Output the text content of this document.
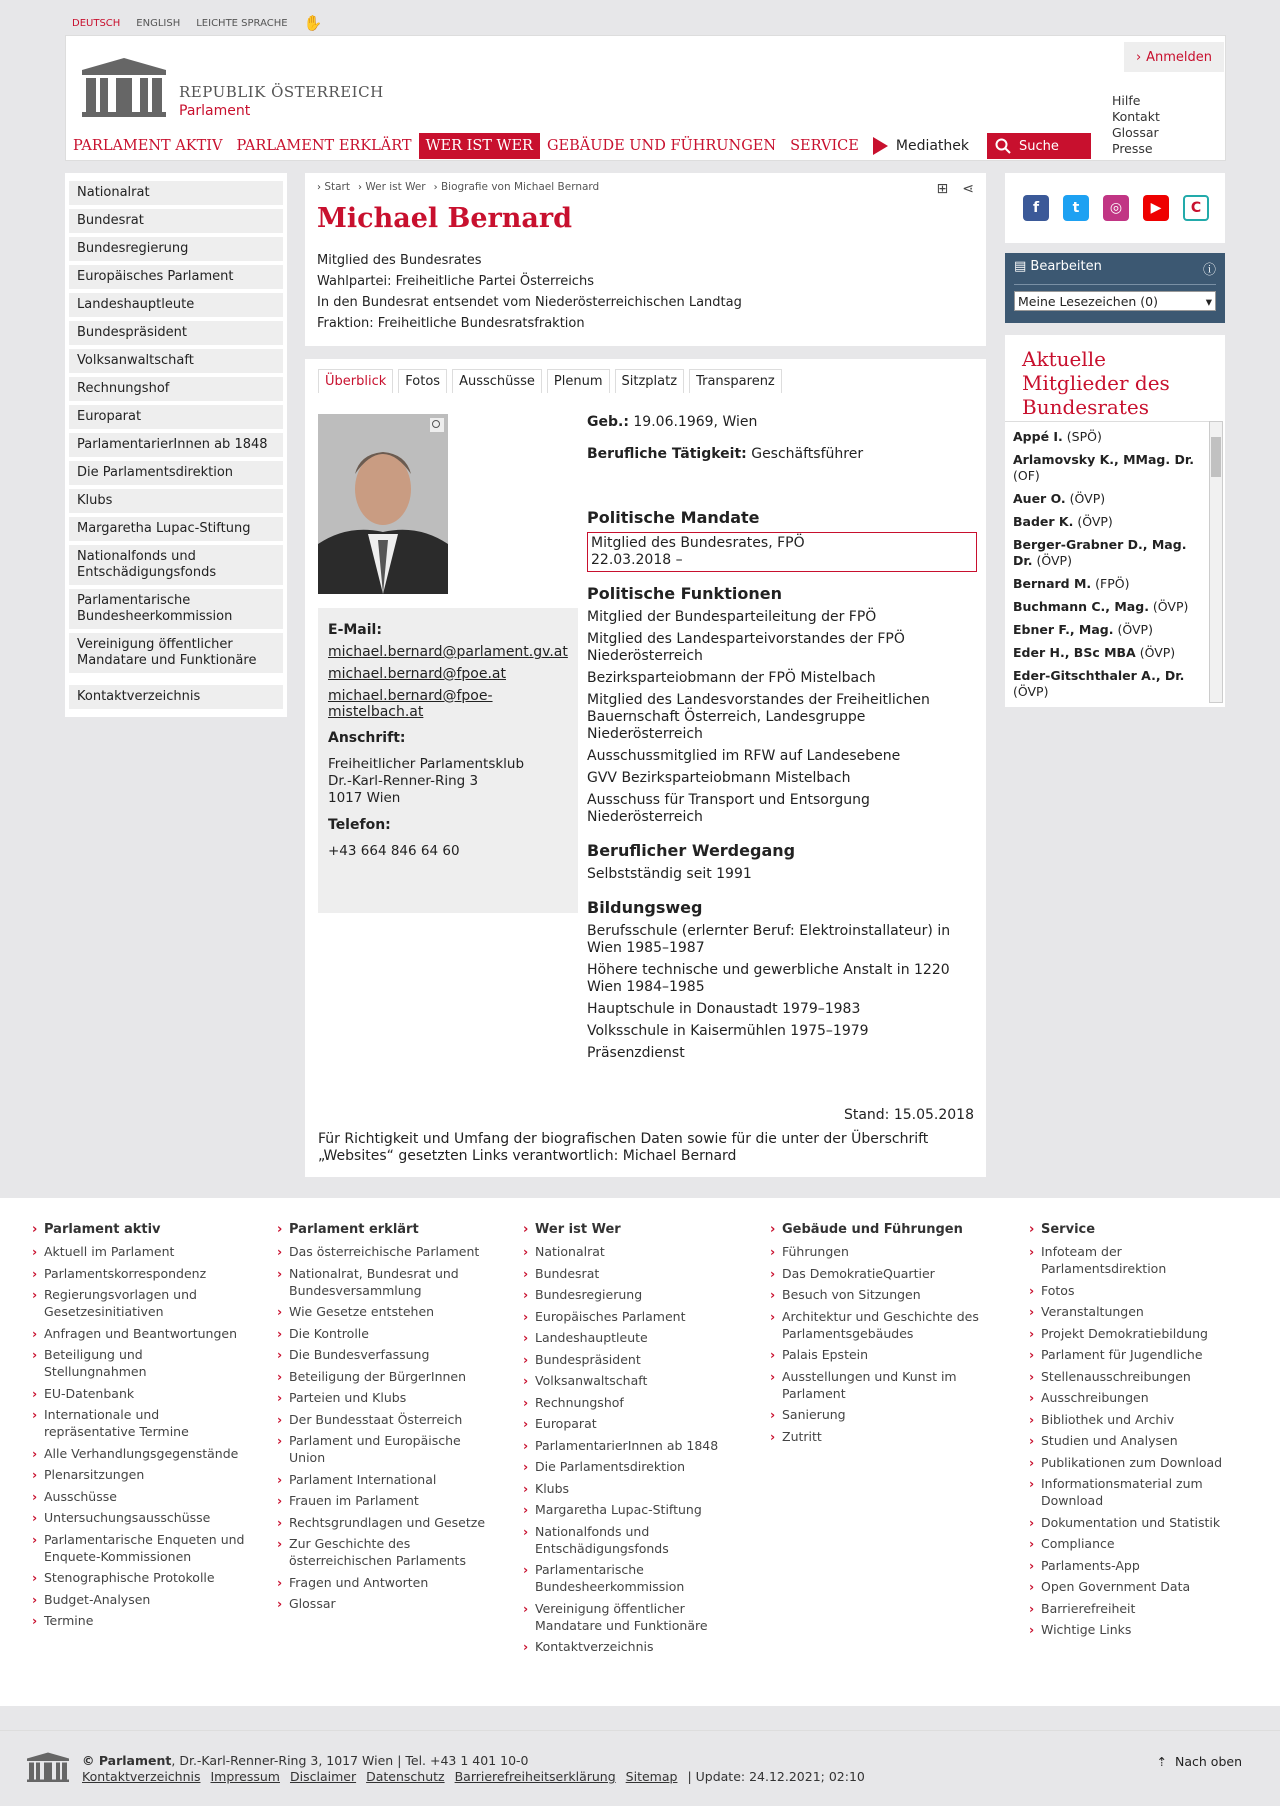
DEUTSCH ENGLISH LEICHTE SPRACHE ✋
REPUBLIK ÖSTERREICH
Parlament
› Anmelden
Hilfe
Kontakt
Glossar
Presse
PARLAMENT AKTIV PARLAMENT ERKLÄRT WER IST WER GEBÄUDE UND FÜHRUNGEN SERVICE	Mediathek	Suche
Nationalrat
Bundesrat
Bundesregierung
Europäisches Parlament
Landeshauptleute
Bundespräsident
Volksanwaltschaft
Rechnungshof
Europarat
ParlamentarierInnen ab 1848
Die Parlamentsdirektion
Klubs
Margaretha Lupac-Stiftung
Nationalfonds und Entschädigungsfonds
Parlamentarische Bundesheerkommission
Vereinigung öffentlicher Mandatare und Funktionäre
Kontaktverzeichnis
› Start › Wer ist Wer › Biografie von Michael Bernard	⊞ ⋖
Michael Bernard
Mitglied des Bundesrates
Wahlpartei: Freiheitliche Partei Österreichs
In den Bundesrat entsendet vom Niederösterreichischen Landtag
Fraktion: Freiheitliche Bundesratsfraktion
Überblick	Fotos	Ausschüsse	Plenum	Sitzplatz	Transparenz
E-Mail:
michael.bernard@parlament.gv.at
michael.bernard@fpoe.at
michael.bernard@fpoe-mistelbach.at
Anschrift:
Freiheitlicher Parlamentsklub
Dr.-Karl-Renner-Ring 3
1017 Wien
Telefon:
+43 664 846 64 60
Geb.: 19.06.1969, Wien
Berufliche Tätigkeit: Geschäftsführer
Politische Mandate
Mitglied des Bundesrates, FPÖ
22.03.2018 –
Politische Funktionen
Mitglied der Bundesparteileitung der FPÖ
Mitglied des Landesparteivorstandes der FPÖ Niederösterreich
Bezirksparteiobmann der FPÖ Mistelbach
Mitglied des Landesvorstandes der Freiheitlichen Bauernschaft Österreich, Landesgruppe Niederösterreich
Ausschussmitglied im RFW auf Landesebene
GVV Bezirksparteiobmann Mistelbach
Ausschuss für Transport und Entsorgung Niederösterreich
Beruflicher Werdegang
Selbstständig seit 1991
Bildungsweg
Berufsschule (erlernter Beruf: Elektroinstallateur) in Wien 1985–1987
Höhere technische und gewerbliche Anstalt in 1220 Wien 1984–1985
Hauptschule in Donaustadt 1979–1983
Volksschule in Kaisermühlen 1975–1979
Präsenzdienst
Stand: 15.05.2018
Für Richtigkeit und Umfang der biografischen Daten sowie für die unter der Überschrift „Websites“ gesetzten Links verantwortlich: Michael Bernard
f	t	◎	▶	C
▤ Bearbeiten	ⓘ
Meine Lesezeichen (0)	▾
Aktuelle Mitglieder des Bundesrates
Appé I. (SPÖ)
Arlamovsky K., MMag. Dr. (OF)
Auer O. (ÖVP)
Bader K. (ÖVP)
Berger-Grabner D., Mag. Dr. (ÖVP)
Bernard M. (FPÖ)
Buchmann C., Mag. (ÖVP)
Ebner F., Mag. (ÖVP)
Eder H., BSc MBA (ÖVP)
Eder-Gitschthaler A., Dr. (ÖVP)
› Parlament aktiv
› Aktuell im Parlament
› Parlamentskorrespondenz
› Regierungsvorlagen und Gesetzesinitiativen
› Anfragen und Beantwortungen
› Beteiligung und Stellungnahmen
› EU-Datenbank
› Internationale und repräsentative Termine
› Alle Verhandlungsgegenstände
› Plenarsitzungen
› Ausschüsse
› Untersuchungsausschüsse
› Parlamentarische Enqueten und Enquete-Kommissionen
› Stenographische Protokolle
› Budget-Analysen
› Termine
› Parlament erklärt
› Das österreichische Parlament
› Nationalrat, Bundesrat und Bundesversammlung
› Wie Gesetze entstehen
› Die Kontrolle
› Die Bundesverfassung
› Beteiligung der BürgerInnen
› Parteien und Klubs
› Der Bundesstaat Österreich
› Parlament und Europäische Union
› Parlament International
› Frauen im Parlament
› Rechtsgrundlagen und Gesetze
› Zur Geschichte des österreichischen Parlaments
› Fragen und Antworten
› Glossar
› Wer ist Wer
› Nationalrat
› Bundesrat
› Bundesregierung
› Europäisches Parlament
› Landeshauptleute
› Bundespräsident
› Volksanwaltschaft
› Rechnungshof
› Europarat
› ParlamentarierInnen ab 1848
› Die Parlamentsdirektion
› Klubs
› Margaretha Lupac-Stiftung
› Nationalfonds und Entschädigungsfonds
› Parlamentarische Bundesheerkommission
› Vereinigung öffentlicher Mandatare und Funktionäre
› Kontaktverzeichnis
› Gebäude und Führungen
› Führungen
› Das DemokratieQuartier
› Besuch von Sitzungen
› Architektur und Geschichte des Parlamentsgebäudes
› Palais Epstein
› Ausstellungen und Kunst im Parlament
› Sanierung
› Zutritt
› Service
› Infoteam der Parlamentsdirektion
› Fotos
› Veranstaltungen
› Projekt Demokratiebildung
› Parlament für Jugendliche
› Stellenausschreibungen
› Ausschreibungen
› Bibliothek und Archiv
› Studien und Analysen
› Publikationen zum Download
› Informationsmaterial zum Download
› Dokumentation und Statistik
› Compliance
› Parlaments-App
› Open Government Data
› Barrierefreiheit
› Wichtige Links
© Parlament, Dr.-Karl-Renner-Ring 3, 1017 Wien | Tel. +43 1 401 10-0
Kontaktverzeichnis Impressum Disclaimer Datenschutz Barrierefreiheitserklärung Sitemap | Update: 24.12.2021; 02:10
⇡  Nach oben
